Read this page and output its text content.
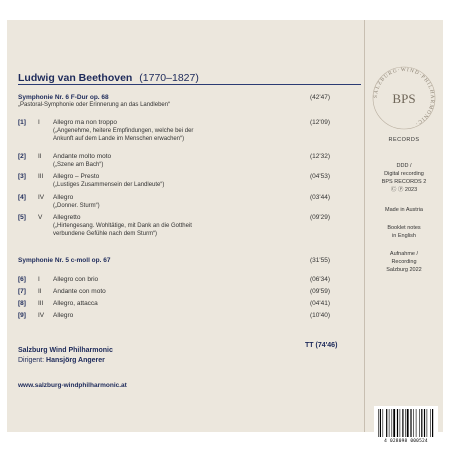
Ludwig van Beethoven (1770–1827)
Symphonie Nr. 6 F-Dur op. 68	(42'47)
„Pastoral-Symphonie oder Erinnerung an das Landleben“
[1] I Allegro ma non troppo
(„Angenehme, heitere Empfindungen, welche bei der
Ankunft auf dem Lande im Menschen erwachen“)
(12'09)
[2] II Andante molto moto
(„Szene am Bach“)
(12'32)
[3] III Allegro – Presto
(„Lustiges Zusammensein der Landleute“)
(04'53)
[4] IV Allegro
(„Donner. Sturm“)
(03'44)
[5] V Allegretto
(„Hirtengesang. Wohltätige, mit Dank an die Gottheit
verbundene Gefühle nach dem Sturm“)
(09'29)
Symphonie Nr. 5 c-moll op. 67	(31'55)
[6] I Allegro con brio	(06'34)
[7] II Andante con moto	(09'59)
[8] III Allegro, attacca	(04'41)
[9] IV Allegro	(10'40)
TT (74'46)
Salzburg Wind Philharmonic
Dirigent: Hansjörg Angerer
www.salzburg-windphilharmonic.at
SALZBURG·WIND·PHILHARMONIC·
BPS
RECORDS
DDD /
Digital recording
BPS RECORDS 2
Ⓒ Ⓟ 2023
Made in Austria
Booklet notes
in English
Aufnahme /
Recording
Salzburg 2022
4 028098 000524
